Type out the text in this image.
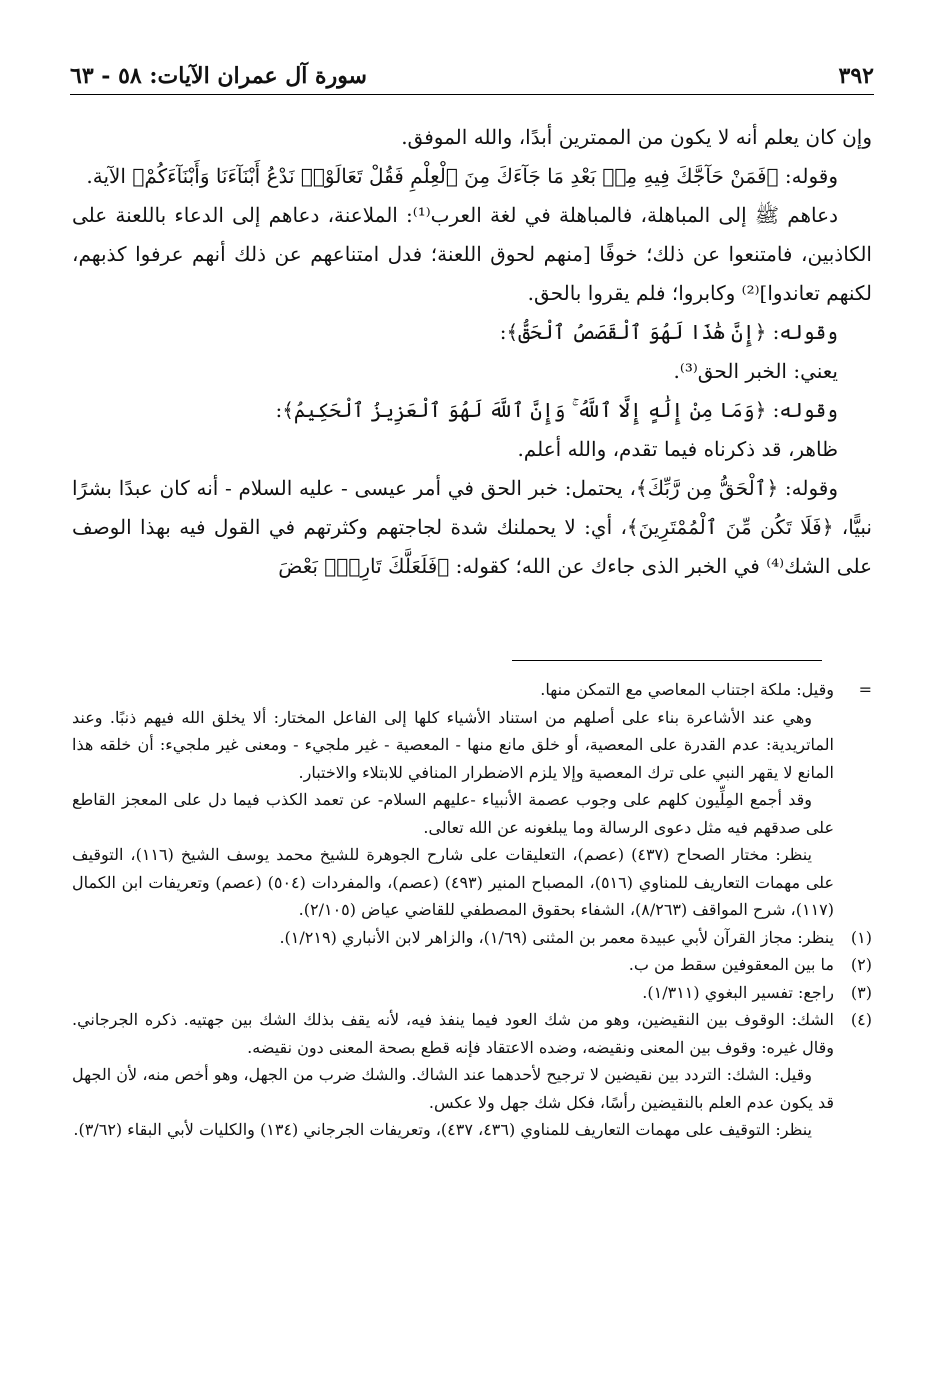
سورة آل عمران الآيات: ٥٨ - ٦٣	٣٩٢

وإن كان يعلم أنه لا يكون من الممترين أبدًا، والله الموفق.

وقوله: ﴿فَمَنْ حَآجَّكَ فِيهِ مِنۢ بَعْدِ مَا جَآءَكَ مِنَ ٱلْعِلْمِ فَقُلْ تَعَالَوْا۟ نَدْعُ أَبْنَآءَنَا وَأَبْنَآءَكُمْ﴾ الآية.

دعاهم ﷺ إلى المباهلة، فالمباهلة في لغة العرب⁽¹⁾: الملاعنة، دعاهم إلى الدعاء باللعنة على الكاذبين، فامتنعوا عن ذلك؛ خوفًا [منهم لحوق اللعنة؛ فدل امتناعهم عن ذلك أنهم عرفوا كذبهم، لكنهم تعاندوا]⁽²⁾ وكابروا؛ فلم يقروا بالحق.

وقوله: ﴿إِنَّ هَٰذَا لَهُوَ ٱلْقَصَصُ ٱلْحَقُّ﴾:

يعني: الخبر الحق⁽³⁾.

وقوله: ﴿وَمَا مِنْ إِلَٰهٍ إِلَّا ٱللَّهُ ۚ وَإِنَّ ٱللَّهَ لَهُوَ ٱلْعَزِيزُ ٱلْحَكِيمُ﴾:

ظاهر، قد ذكرناه فيما تقدم، والله أعلم.

وقوله: ﴿ٱلْحَقُّ مِن رَّبِّكَ﴾، يحتمل: خبر الحق في أمر عيسى - عليه السلام - أنه كان عبدًا بشرًا نبيًّا، ﴿فَلَا تَكُن مِّنَ ٱلْمُمْتَرِينَ﴾، أي: لا يحملنك شدة لجاجتهم وكثرتهم في القول فيه بهذا الوصف على الشك⁽⁴⁾ في الخبر الذى جاءك عن الله؛ كقوله: ﴿فَلَعَلَّكَ تَارِكٌۢ بَعْضَ

=
وقيل: ملكة اجتناب المعاصي مع التمكن منها.

وهي عند الأشاعرة بناء على أصلهم من استناد الأشياء كلها إلى الفاعل المختار: ألا يخلق الله فيهم ذنبًا. وعند الماتريدية: عدم القدرة على المعصية، أو خلق مانع منها - المعصية - غير ملجيء - ومعنى غير ملجيء: أن خلقه هذا المانع لا يقهر النبي على ترك المعصية وإلا يلزم الاضطرار المنافي للابتلاء والاختبار.

وقد أجمع المِلِّيون كلهم على وجوب عصمة الأنبياء -عليهم السلام- عن تعمد الكذب فيما دل على المعجز القاطع على صدقهم فيه مثل دعوى الرسالة وما يبلغونه عن الله تعالى.

ينظر: مختار الصحاح (٤٣٧) (عصم)، التعليقات على شارح الجوهرة للشيخ محمد يوسف الشيخ (١١٦)، التوقيف على مهمات التعاريف للمناوي (٥١٦)، المصباح المنير (٤٩٣) (عصم)، والمفردات (٥٠٤) (عصم) وتعريفات ابن الكمال (١١٧)، شرح المواقف (٨/٢٦٣)، الشفاء بحقوق المصطفي للقاضي عياض (٢/١٠٥).

(١)
ينظر: مجاز القرآن لأبي عبيدة معمر بن المثنى (١/٦٩)، والزاهر لابن الأنباري (١/٢١٩).
(٢)
ما بين المعقوفين سقط من ب.
(٣)
راجع: تفسير البغوي (١/٣١١).
(٤)
الشك: الوقوف بين النقيضين، وهو من شك العود فيما ينفذ فيه، لأنه يقف بذلك الشك بين جهتيه. ذكره الجرجاني. وقال غيره: وقوف بين المعنى ونقيضه، وضده الاعتقاد فإنه قطع بصحة المعنى دون نقيضه.
وقيل: الشك: التردد بين نقيضين لا ترجيح لأحدهما عند الشاك. والشك ضرب من الجهل، وهو أخص منه، لأن الجهل قد يكون عدم العلم بالنقيضين رأسًا، فكل شك جهل ولا عكس.
ينظر: التوقيف على مهمات التعاريف للمناوي (٤٣٦، ٤٣٧)، وتعريفات الجرجاني (١٣٤) والكليات لأبي البقاء (٣/٦٢).
